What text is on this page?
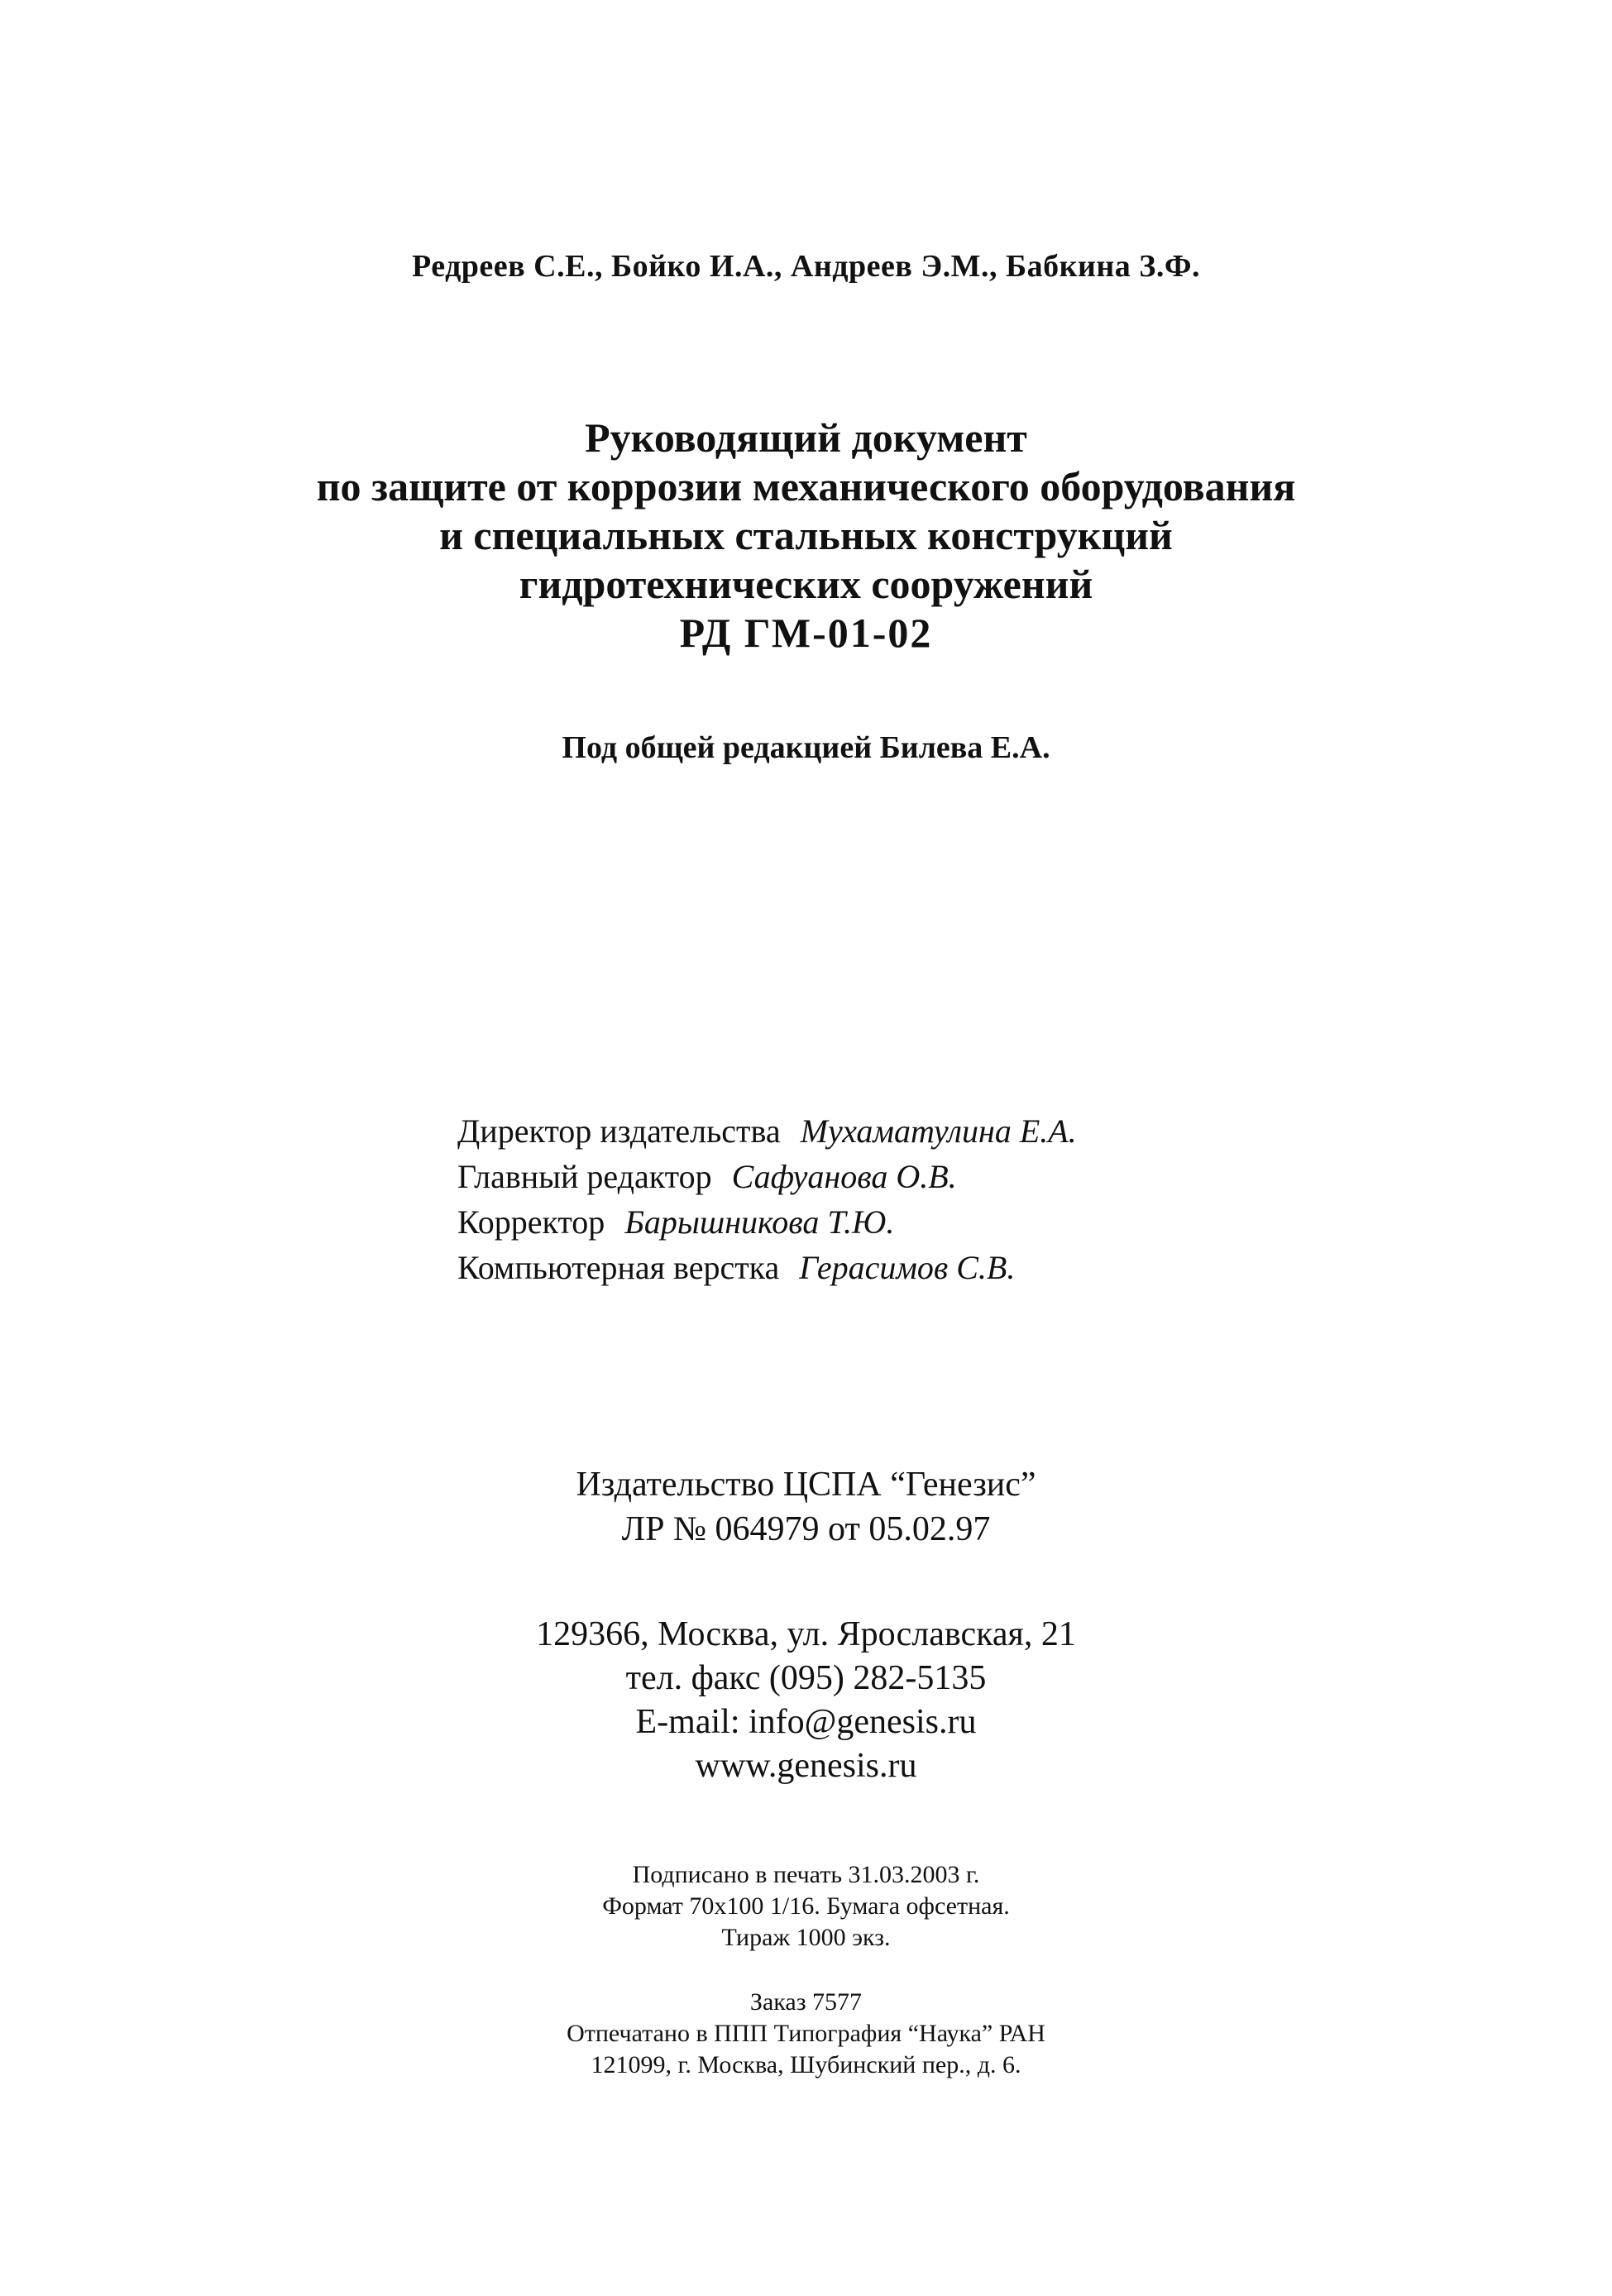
Редреев С.Е., Бойко И.А., Андреев Э.М., Бабкина З.Ф.
Руководящий документ
по защите от коррозии механического оборудования
и специальных стальных конструкций
гидротехнических сооружений
РД ГМ-01-02
Под общей редакцией Билева Е.А.
Директор издательства Мухаматулина Е.А.
Главный редактор Сафуанова О.В.
Корректор Барышникова Т.Ю.
Компьютерная верстка Герасимов С.В.
Издательство ЦСПА “Генезис”
ЛР № 064979 от 05.02.97
129366, Москва, ул. Ярославская, 21
тел. факс (095) 282-5135
E-mail: info@genesis.ru
www.genesis.ru
Подписано в печать 31.03.2003 г.
Формат 70х100 1/16. Бумага офсетная.
Тираж 1000 экз.
Заказ 7577
Отпечатано в ППП Типография “Наука” РАН
121099, г. Москва, Шубинский пер., д. 6.
